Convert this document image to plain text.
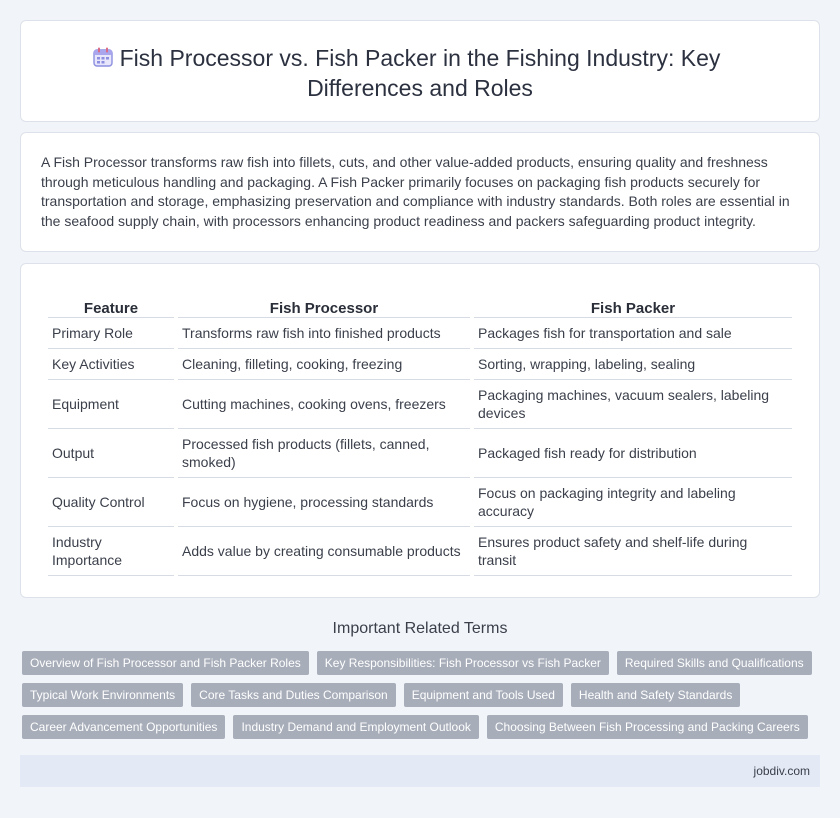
Fish Processor vs. Fish Packer in the Fishing Industry: Key Differences and Roles

A Fish Processor transforms raw fish into fillets, cuts, and other value-added products, ensuring quality and freshness through meticulous handling and packaging. A Fish Packer primarily focuses on packaging fish products securely for transportation and storage, emphasizing preservation and compliance with industry standards. Both roles are essential in the seafood supply chain, with processors enhancing product readiness and packers safeguarding product integrity.

Feature	Fish Processor	Fish Packer
Primary Role	Transforms raw fish into finished products	Packages fish for transportation and sale
Key Activities	Cleaning, filleting, cooking, freezing	Sorting, wrapping, labeling, sealing
Equipment	Cutting machines, cooking ovens, freezers	Packaging machines, vacuum sealers, labeling devices
Output	Processed fish products (fillets, canned, smoked)	Packaged fish ready for distribution
Quality Control	Focus on hygiene, processing standards	Focus on packaging integrity and labeling accuracy
Industry Importance	Adds value by creating consumable products	Ensures product safety and shelf-life during transit
Important Related Terms
Overview of Fish Processor and Fish Packer Roles	Key Responsibilities: Fish Processor vs Fish Packer	Required Skills and Qualifications
Typical Work Environments	Core Tasks and Duties Comparison	Equipment and Tools Used	Health and Safety Standards
Career Advancement Opportunities	Industry Demand and Employment Outlook	Choosing Between Fish Processing and Packing Careers
jobdiv.com
